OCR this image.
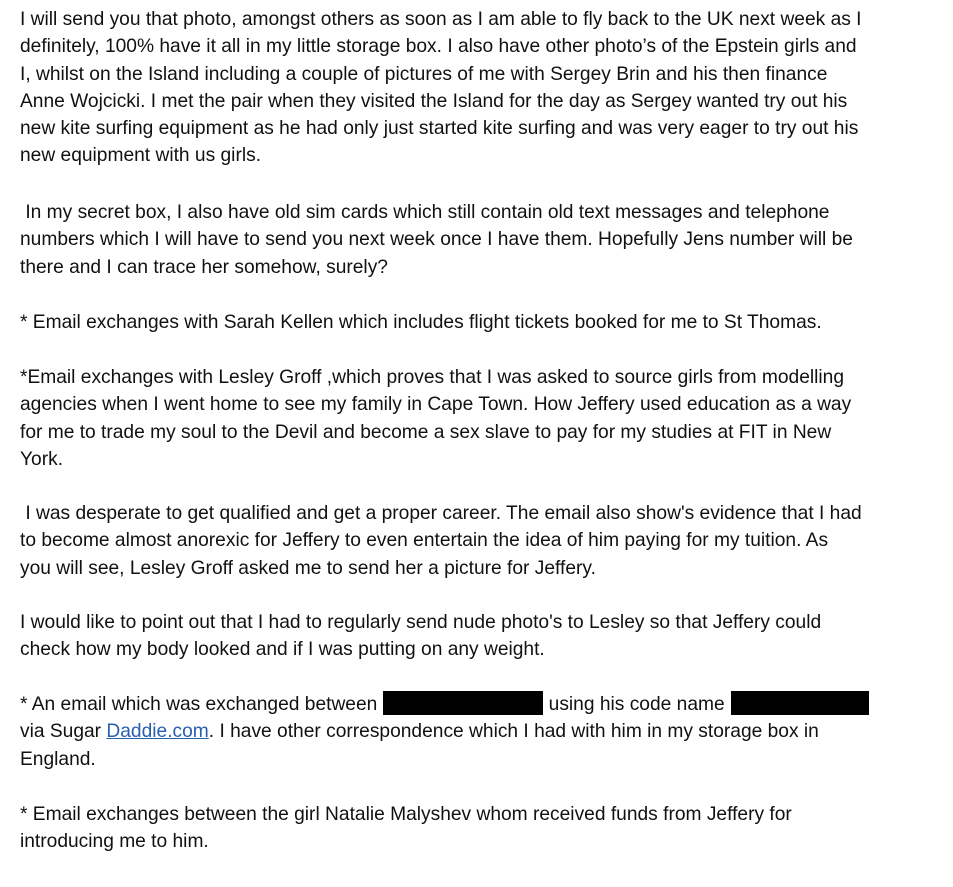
I will send you that photo, amongst others as soon as I am able to fly back to the UK next week as I
definitely, 100% have it all in my little storage box. I also have other photo’s of the Epstein girls and
I, whilst on the Island including a couple of pictures of me with Sergey Brin and his then finance
Anne Wojcicki. I met the pair when they visited the Island for the day as Sergey wanted try out his
new kite surfing equipment as he had only just started kite surfing and was very eager to try out his
new equipment with us girls.

In my secret box, I also have old sim cards which still contain old text messages and telephone
numbers which I will have to send you next week once I have them. Hopefully Jens number will be
there and I can trace her somehow, surely?

* Email exchanges with Sarah Kellen which includes flight tickets booked for me to St Thomas.

*Email exchanges with Lesley Groff ,which proves that I was asked to source girls from modelling
agencies when I went home to see my family in Cape Town. How Jeffery used education as a way
for me to trade my soul to the Devil and become a sex slave to pay for my studies at FIT in New
York.

I was desperate to get qualified and get a proper career. The email also show's evidence that I had
to become almost anorexic for Jeffery to even entertain the idea of him paying for my tuition. As
you will see, Lesley Groff asked me to send her a picture for Jeffery.

I would like to point out that I had to regularly send nude photo's to Lesley so that Jeffery could
check how my body looked and if I was putting on any weight.

* An email which was exchanged between	using his code name
via Sugar Daddie.com. I have other correspondence which I had with him in my storage box in
England.

* Email exchanges between the girl Natalie Malyshev whom received funds from Jeffery for
introducing me to him.
